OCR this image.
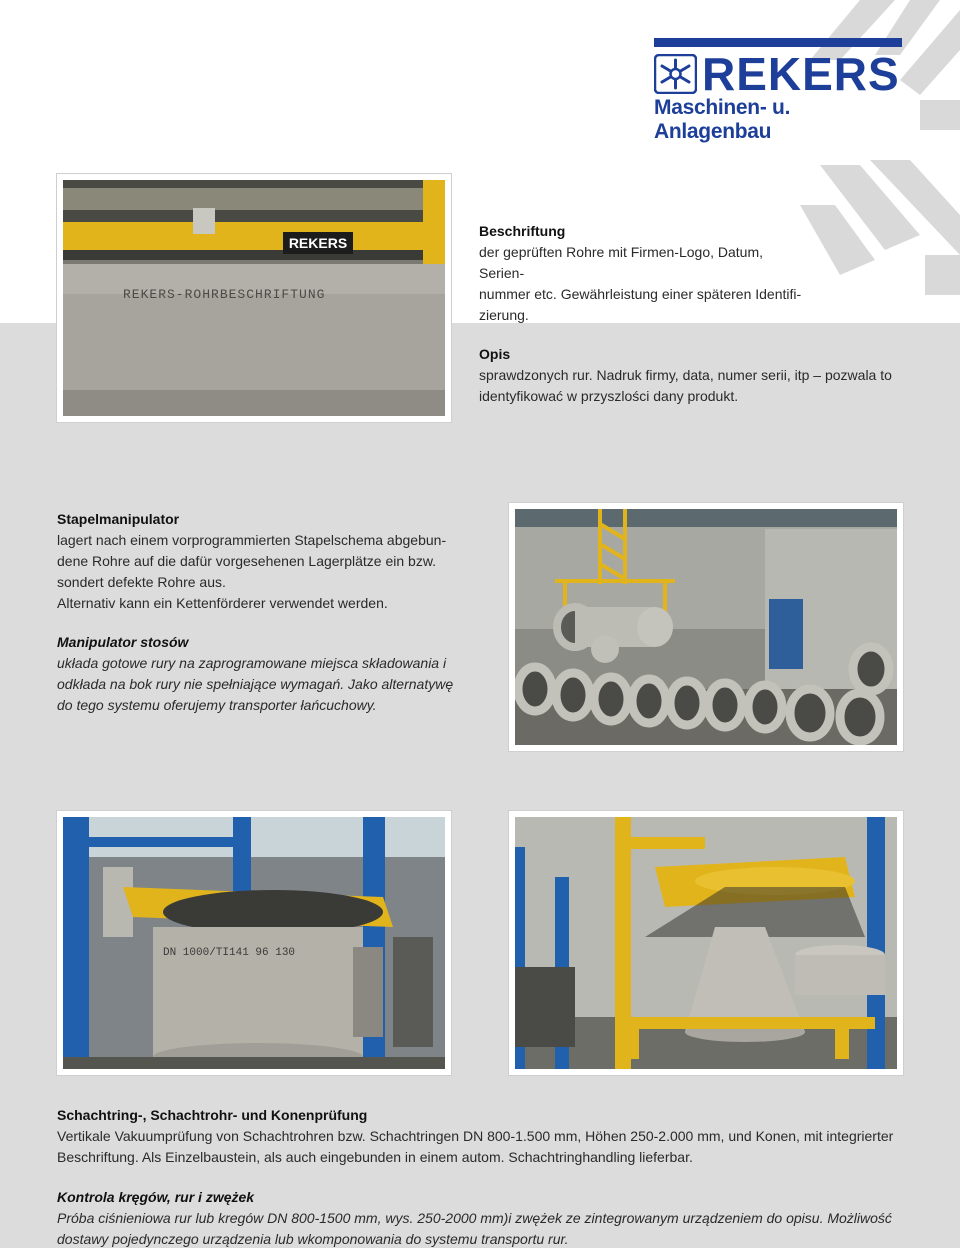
REKERS
Maschinen- u. Anlagenbau
REKERS
REKERS-ROHRBESCHRIFTUNG
Beschriftung
der geprüften Rohre mit Firmen-Logo, Datum, Serien-
nummer etc. Gewährleistung einer späteren Identifi-
zierung.
Opis
sprawdzonych rur. Nadruk firmy, data, numer serii, itp – pozwala to
identyfikować w przyszlości dany produkt.
Stapelmanipulator
lagert nach einem vorprogrammierten Stapelschema abgebun-
dene Rohre auf die dafür vorgesehenen Lagerplätze ein bzw.
sondert defekte Rohre aus.
Alternativ kann ein Kettenförderer verwendet werden.
Manipulator stosów
układa gotowe rury na zaprogramowane miejsca składowania i
odkłada na bok rury nie spełniające wymagań. Jako alternatywę
do tego systemu oferujemy transporter łańcuchowy.
DN 1000/TI141 96 130
Schachtring-, Schachtrohr- und Konenprüfung
Vertikale Vakuumprüfung von Schachtrohren bzw. Schachtringen DN 800-1.500 mm, Höhen 250-2.000 mm, und Konen, mit integrierter
Beschriftung. Als Einzelbaustein, als auch eingebunden in einem autom. Schachtringhandling lieferbar.
Kontrola kręgów, rur i zwężek
Próba ciśnieniowa rur lub kregów DN 800-1500 mm, wys. 250-2000 mm)i zwężek ze zintegrowanym urządzeniem do opisu. Możliwość
dostawy pojedynczego urządzenia lub wkomponowania do systemu transportu rur.
